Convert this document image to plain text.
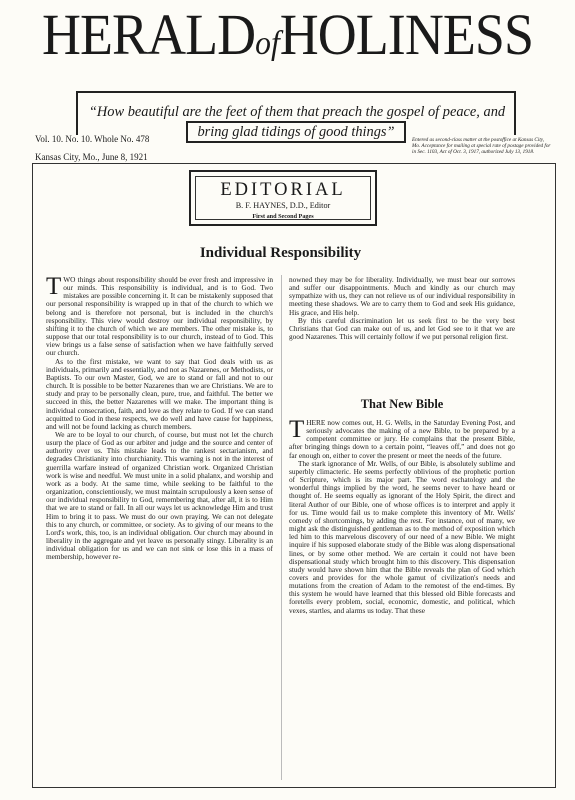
HERALDofHOLINESS
“How beautiful are the feet of them that preach the gospel of peace, and
bring glad tidings of good things”
Vol. 10. No. 10. Whole No. 478
Kansas City, Mo., June 8, 1921
Entered as second-class matter at the postoffice at Kansas City, Mo. Acceptance for mailing at special rate of postage provided for in Sec. 1103, Act of Oct. 3, 1917, authorized July 13, 1918.
EDITORIAL
B. F. HAYNES, D.D., Editor
First and Second Pages
Individual Responsibility

TWO things about responsibility should be ever fresh and impressive in our minds. This responsibility is individual, and is to God. Two mistakes are possible concerning it. It can be mistakenly supposed that our personal responsibility is wrapped up in that of the church to which we belong and is therefore not personal, but is included in the church's responsibility. This view would destroy our individual responsibility, by shifting it to the church of which we are members. The other mistake is, to suppose that our total responsibility is to our church, instead of to God. This view brings us a false sense of satisfaction when we have faithfully served our church.

As to the first mistake, we want to say that God deals with us as individuals, primarily and essentially, and not as Nazarenes, or Methodists, or Baptists. To our own Master, God, we are to stand or fall and not to our church. It is possible to be better Nazarenes than we are Christians. We are to study and pray to be personally clean, pure, true, and faithful. The better we succeed in this, the better Nazarenes will we make. The important thing is individual consecration, faith, and love as they relate to God. If we can stand acquitted to God in these respects, we do well and have cause for happiness, and will not be found lacking as church members.

We are to be loyal to our church, of course, but must not let the church usurp the place of God as our arbiter and judge and the source and center of authority over us. This mistake leads to the rankest sectarianism, and degrades Christianity into churchianity. This warning is not in the interest of guerrilla warfare instead of organized Christian work. Organized Christian work is wise and needful. We must unite in a solid phalanx, and worship and work as a body. At the same time, while seeking to be faithful to the organization, conscientiously, we must maintain scrupulously a keen sense of our individual responsibility to God, remembering that, after all, it is to Him that we are to stand or fall. In all our ways let us acknowledge Him and trust Him to bring it to pass. We must do our own praying. We can not delegate this to any church, or committee, or society. As to giving of our means to the Lord's work, this, too, is an individual obligation. Our church may abound in liberality in the aggregate and yet leave us personally stingy. Liberality is an individual obligation for us and we can not sink or lose this in a mass of membership, however re-

nowned they may be for liberality. Individually, we must bear our sorrows and suffer our disappointments. Much and kindly as our church may sympathize with us, they can not relieve us of our individual responsibility in meeting these shadows. We are to carry them to God and seek His guidance, His grace, and His help.

By this careful discrimination let us seek first to be the very best Christians that God can make out of us, and let God see to it that we are good Nazarenes. This will certainly follow if we put personal religion first.

That New Bible

THERE now comes out, H. G. Wells, in the Saturday Evening Post, and seriously advocates the making of a new Bible, to be prepared by a competent committee or jury. He complains that the present Bible, after bringing things down to a certain point, “leaves off,” and does not go far enough on, either to cover the present or meet the needs of the future.

The stark ignorance of Mr. Wells, of our Bible, is absolutely sublime and superbly climacteric. He seems perfectly oblivious of the prophetic portion of Scripture, which is its major part. The word eschatology and the wonderful things implied by the word, he seems never to have heard or thought of. He seems equally as ignorant of the Holy Spirit, the direct and literal Author of our Bible, one of whose offices is to interpret and apply it for us. Time would fail us to make complete this inventory of Mr. Wells' comedy of shortcomings, by adding the rest. For instance, out of many, we might ask the distinguished gentleman as to the method of exposition which led him to this marvelous discovery of our need of a new Bible. We might inquire if his supposed elaborate study of the Bible was along dispensational lines, or by some other method. We are certain it could not have been dispensational study which brought him to this discovery. This dispensation study would have shown him that the Bible reveals the plan of God which covers and provides for the whole gamut of civilization's needs and mutations from the creation of Adam to the remotest of the end-times. By this system he would have learned that this blessed old Bible forecasts and foretells every problem, social, economic, domestic, and political, which vexes, startles, and alarms us today. That these
